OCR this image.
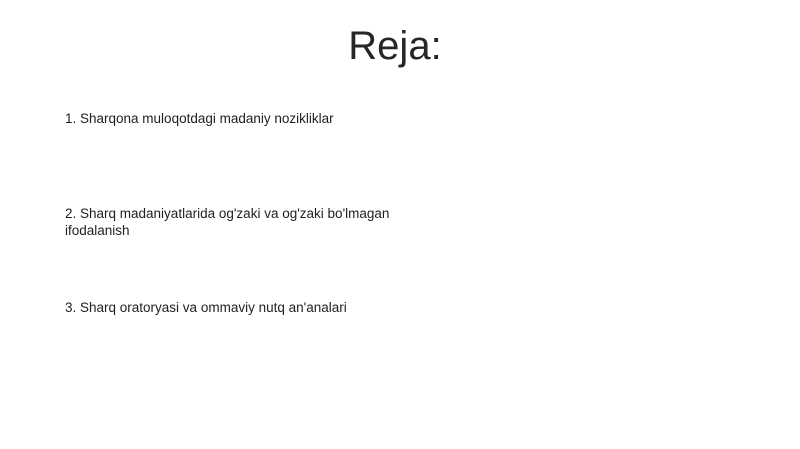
Reja:
1. Sharqona muloqotdagi madaniy nozikliklar
2. Sharq madaniyatlarida og'zaki va og'zaki bo'lmagan ifodalanish
3. Sharq oratoryasi va ommaviy nutq an'analari
